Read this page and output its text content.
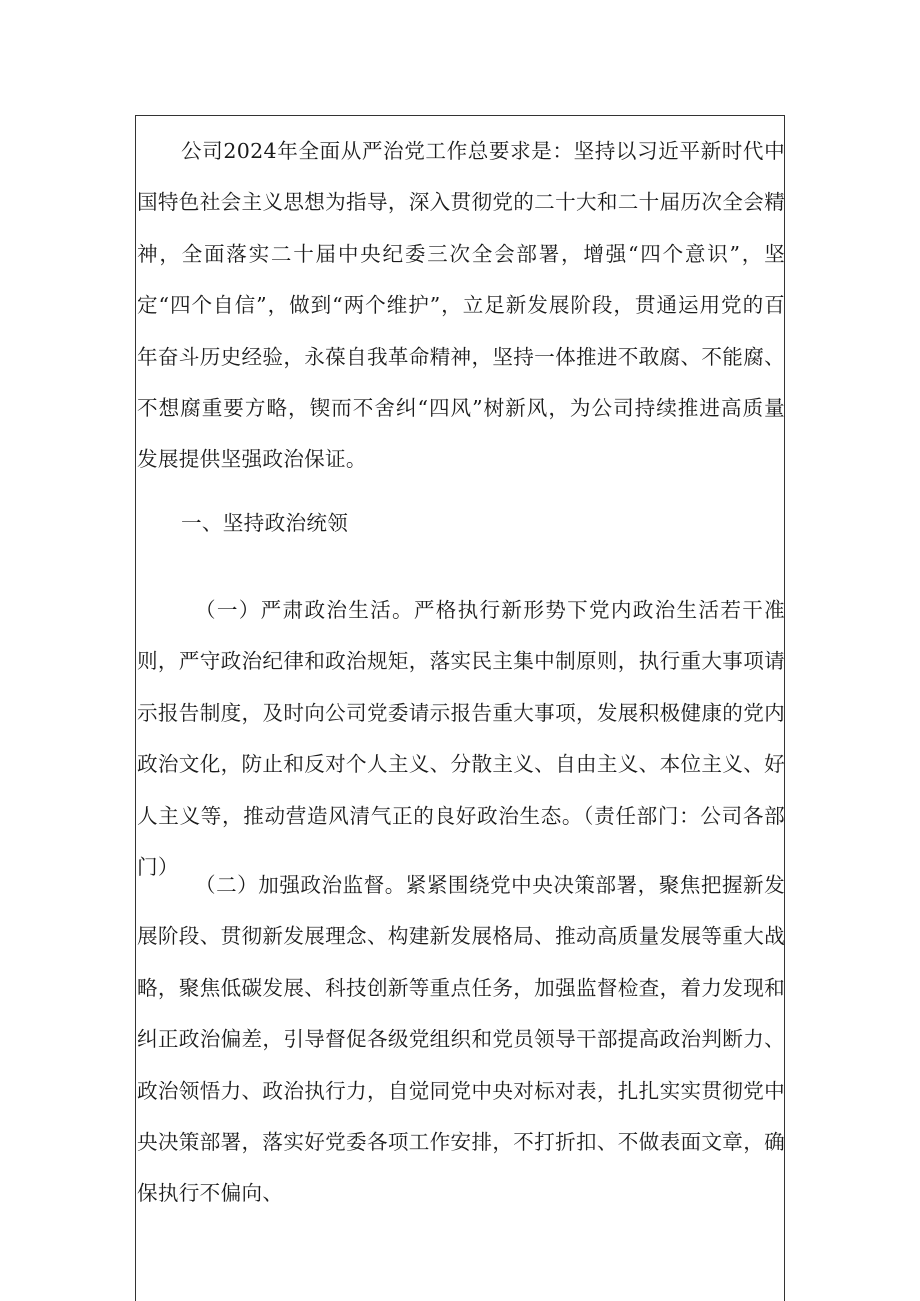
公司2024年全面从严治党工作总要求是：坚持以习近平新时代中国特色社会主义思想为指导，深入贯彻党的二十大和二十届历次全会精神，全面落实二十届中央纪委三次全会部署，增强“四个意识”，坚定“四个自信”，做到“两个维护”，立足新发展阶段，贯通运用党的百年奋斗历史经验，永葆自我革命精神，坚持一体推进不敢腐、不能腐、不想腐重要方略，锲而不舍纠“四风”树新风，为公司持续推进高质量发展提供坚强政治保证。

一、坚持政治统领

（一）严肃政治生活。严格执行新形势下党内政治生活若干准则，严守政治纪律和政治规矩，落实民主集中制原则，执行重大事项请示报告制度，及时向公司党委请示报告重大事项，发展积极健康的党内政治文化，防止和反对个人主义、分散主义、自由主义、本位主义、好人主义等，推动营造风清气正的良好政治生态。（责任部门：公司各部门）

（二）加强政治监督。紧紧围绕党中央决策部署，聚焦把握新发展阶段、贯彻新发展理念、构建新发展格局、推动高质量发展等重大战略，聚焦低碳发展、科技创新等重点任务，加强监督检查，着力发现和纠正政治偏差，引导督促各级党组织和党员领导干部提高政治判断力、政治领悟力、政治执行力，自觉同党中央对标对表，扎扎实实贯彻党中央决策部署，落实好党委各项工作安排，不打折扣、不做表面文章，确保执行不偏向、
